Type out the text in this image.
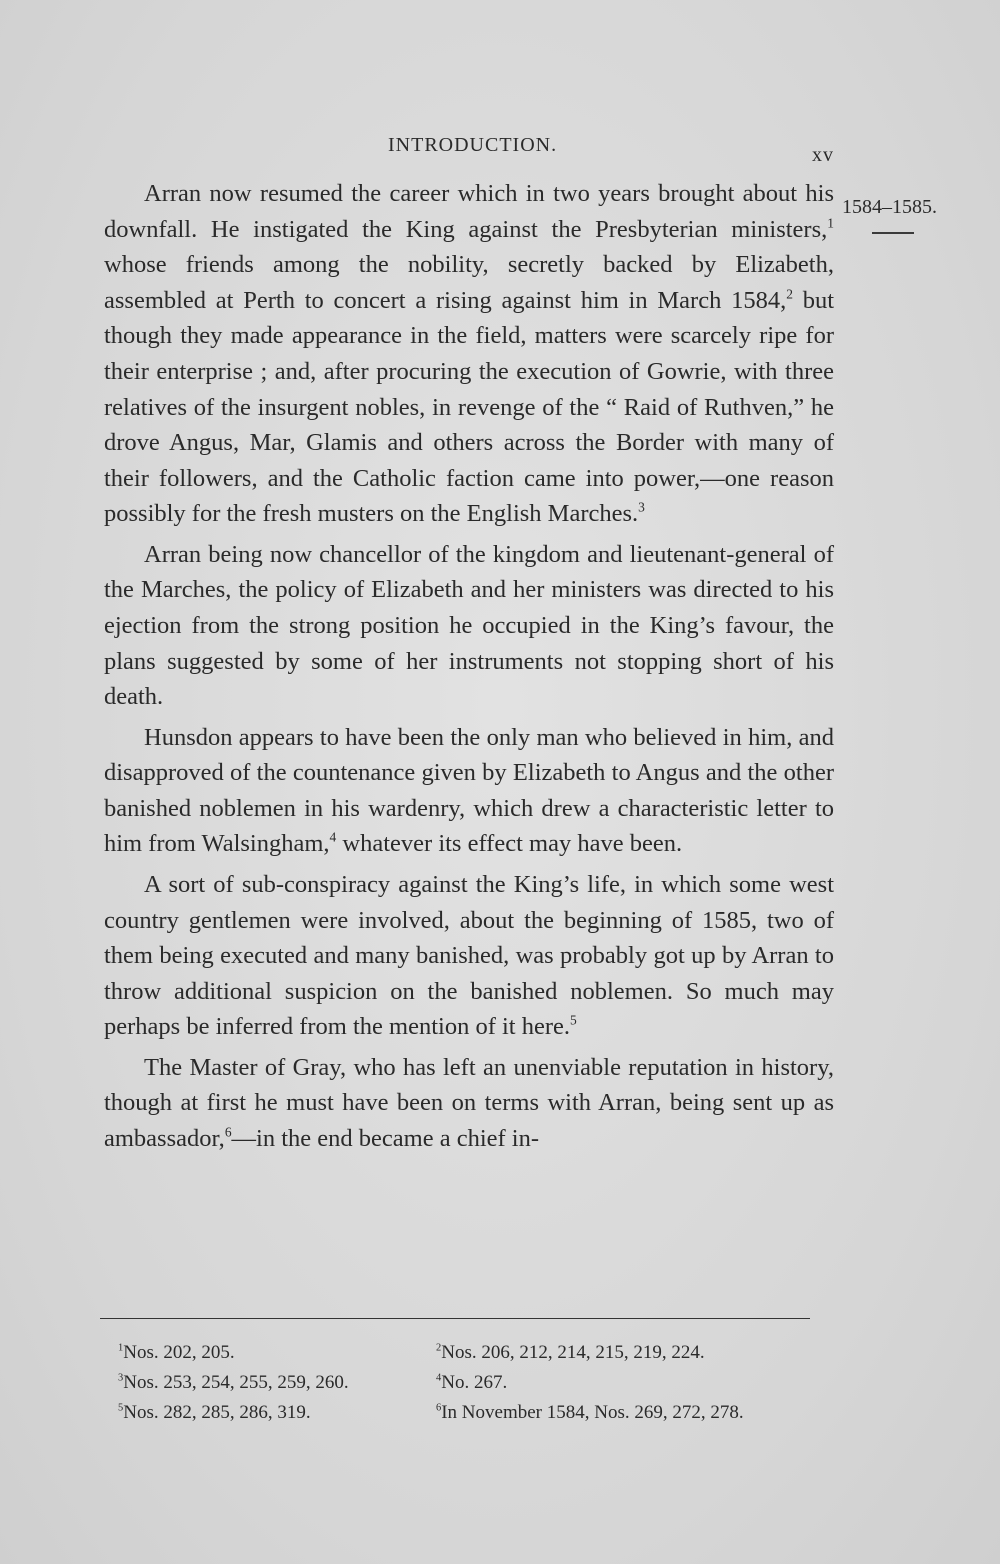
INTRODUCTION.	xv
1584–1585.

Arran now resumed the career which in two years brought about his downfall. He instigated the King against the Presbyterian ministers,$^1$ whose friends among the nobility, secretly backed by Elizabeth, assembled at Perth to concert a rising against him in March 1584,$^2$ but though they made appearance in the field, matters were scarcely ripe for their enterprise ; and, after procuring the execution of Gowrie, with three relatives of the insurgent nobles, in revenge of the “ Raid of Ruthven,” he drove Angus, Mar, Glamis and others across the Border with many of their followers, and the Catholic faction came into power,—one reason possibly for the fresh musters on the English Marches.$^3$

Arran being now chancellor of the kingdom and lieutenant-general of the Marches, the policy of Elizabeth and her ministers was directed to his ejection from the strong position he occupied in the King’s favour, the plans suggested by some of her instruments not stopping short of his death.

Hunsdon appears to have been the only man who believed in him, and disapproved of the countenance given by Elizabeth to Angus and the other banished noblemen in his wardenry, which drew a characteristic letter to him from Walsingham,$^4$ whatever its effect may have been.

A sort of sub-conspiracy against the King’s life, in which some west country gentlemen were involved, about the beginning of 1585, two of them being executed and many banished, was probably got up by Arran to throw additional suspicion on the banished noblemen. So much may perhaps be inferred from the mention of it here.$^5$

The Master of Gray, who has left an unenviable reputation in history, though at first he must have been on terms with Arran, being sent up as ambassador,$^6$—in the end became a chief in-

$^1$Nos. 202, 205.	$^2$Nos. 206, 212, 214, 215, 219, 224.
$^3$Nos. 253, 254, 255, 259, 260.	$^4$No. 267.
$^5$Nos. 282, 285, 286, 319.	$^6$In November 1584, Nos. 269, 272, 278.
